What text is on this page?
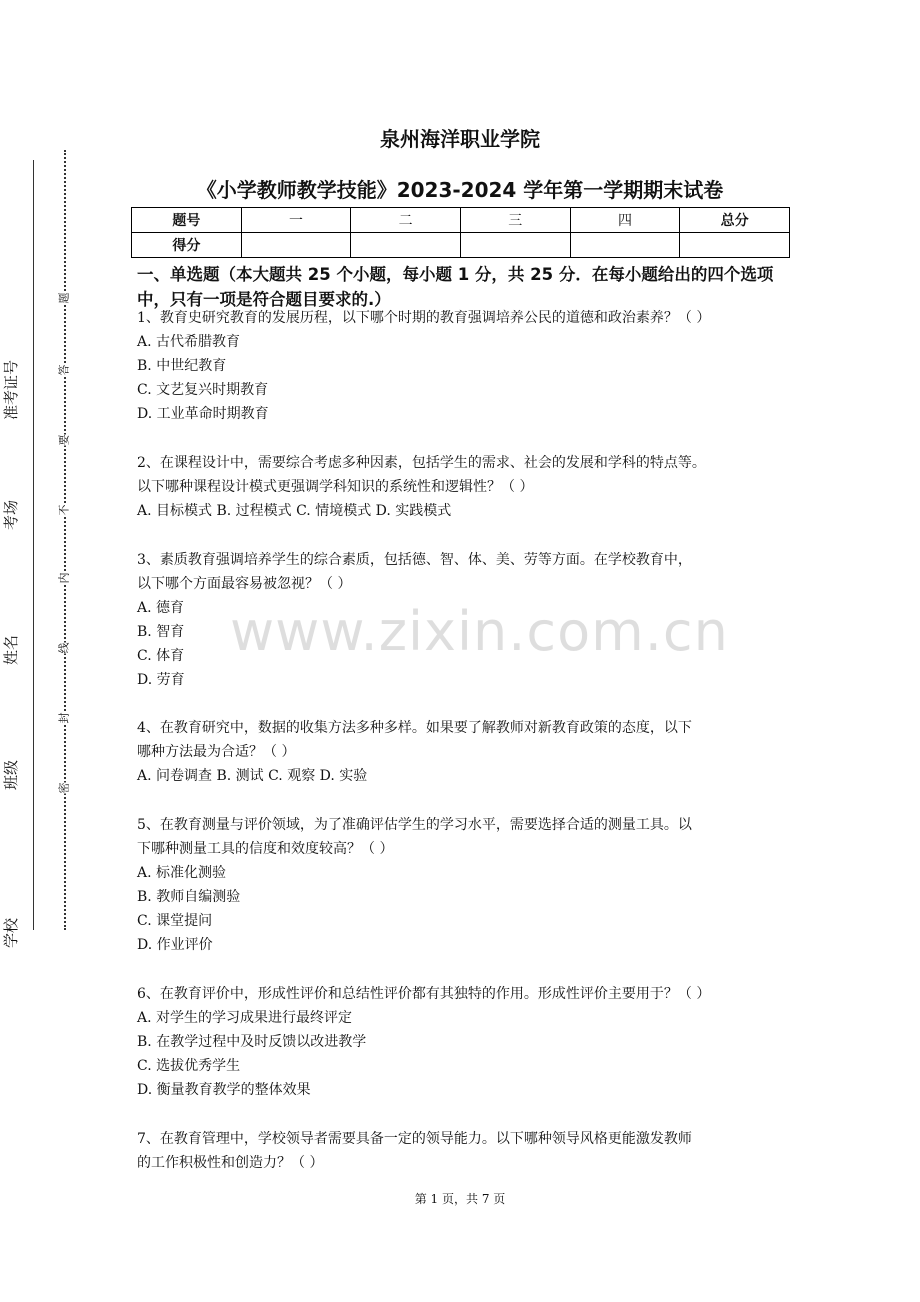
准考证号
考场
姓名
班级
学校
题
答
要
不
内
线
封
密
泉州海洋职业学院
《小学教师教学技能》2023-2024 学年第一学期期末试卷
题号	一	二	三	四	总分
得分					
一、单选题（本大题共 25 个小题，每小题 1 分，共 25 分．在每小题给出的四个选项中，只有一项是符合题目要求的.）
www.zixin.com.cn
1、教育史研究教育的发展历程，以下哪个时期的教育强调培养公民的道德和政治素养？（ ）
A. 古代希腊教育
B. 中世纪教育
C. 文艺复兴时期教育
D. 工业革命时期教育
2、在课程设计中，需要综合考虑多种因素，包括学生的需求、社会的发展和学科的特点等。
以下哪种课程设计模式更强调学科知识的系统性和逻辑性？（ ）
A. 目标模式 B. 过程模式 C. 情境模式 D. 实践模式
3、素质教育强调培养学生的综合素质，包括德、智、体、美、劳等方面。在学校教育中，
以下哪个方面最容易被忽视？（ ）
A. 德育
B. 智育
C. 体育
D. 劳育
4、在教育研究中，数据的收集方法多种多样。如果要了解教师对新教育政策的态度，以下
哪种方法最为合适？（ ）
A. 问卷调查 B. 测试 C. 观察 D. 实验
5、在教育测量与评价领域，为了准确评估学生的学习水平，需要选择合适的测量工具。以
下哪种测量工具的信度和效度较高？（ ）
A. 标准化测验
B. 教师自编测验
C. 课堂提问
D. 作业评价
6、在教育评价中，形成性评价和总结性评价都有其独特的作用。形成性评价主要用于？（ ）
A. 对学生的学习成果进行最终评定
B. 在教学过程中及时反馈以改进教学
C. 选拔优秀学生
D. 衡量教育教学的整体效果
7、在教育管理中，学校领导者需要具备一定的领导能力。以下哪种领导风格更能激发教师
的工作积极性和创造力？（ ）
第 1 页，共 7 页
